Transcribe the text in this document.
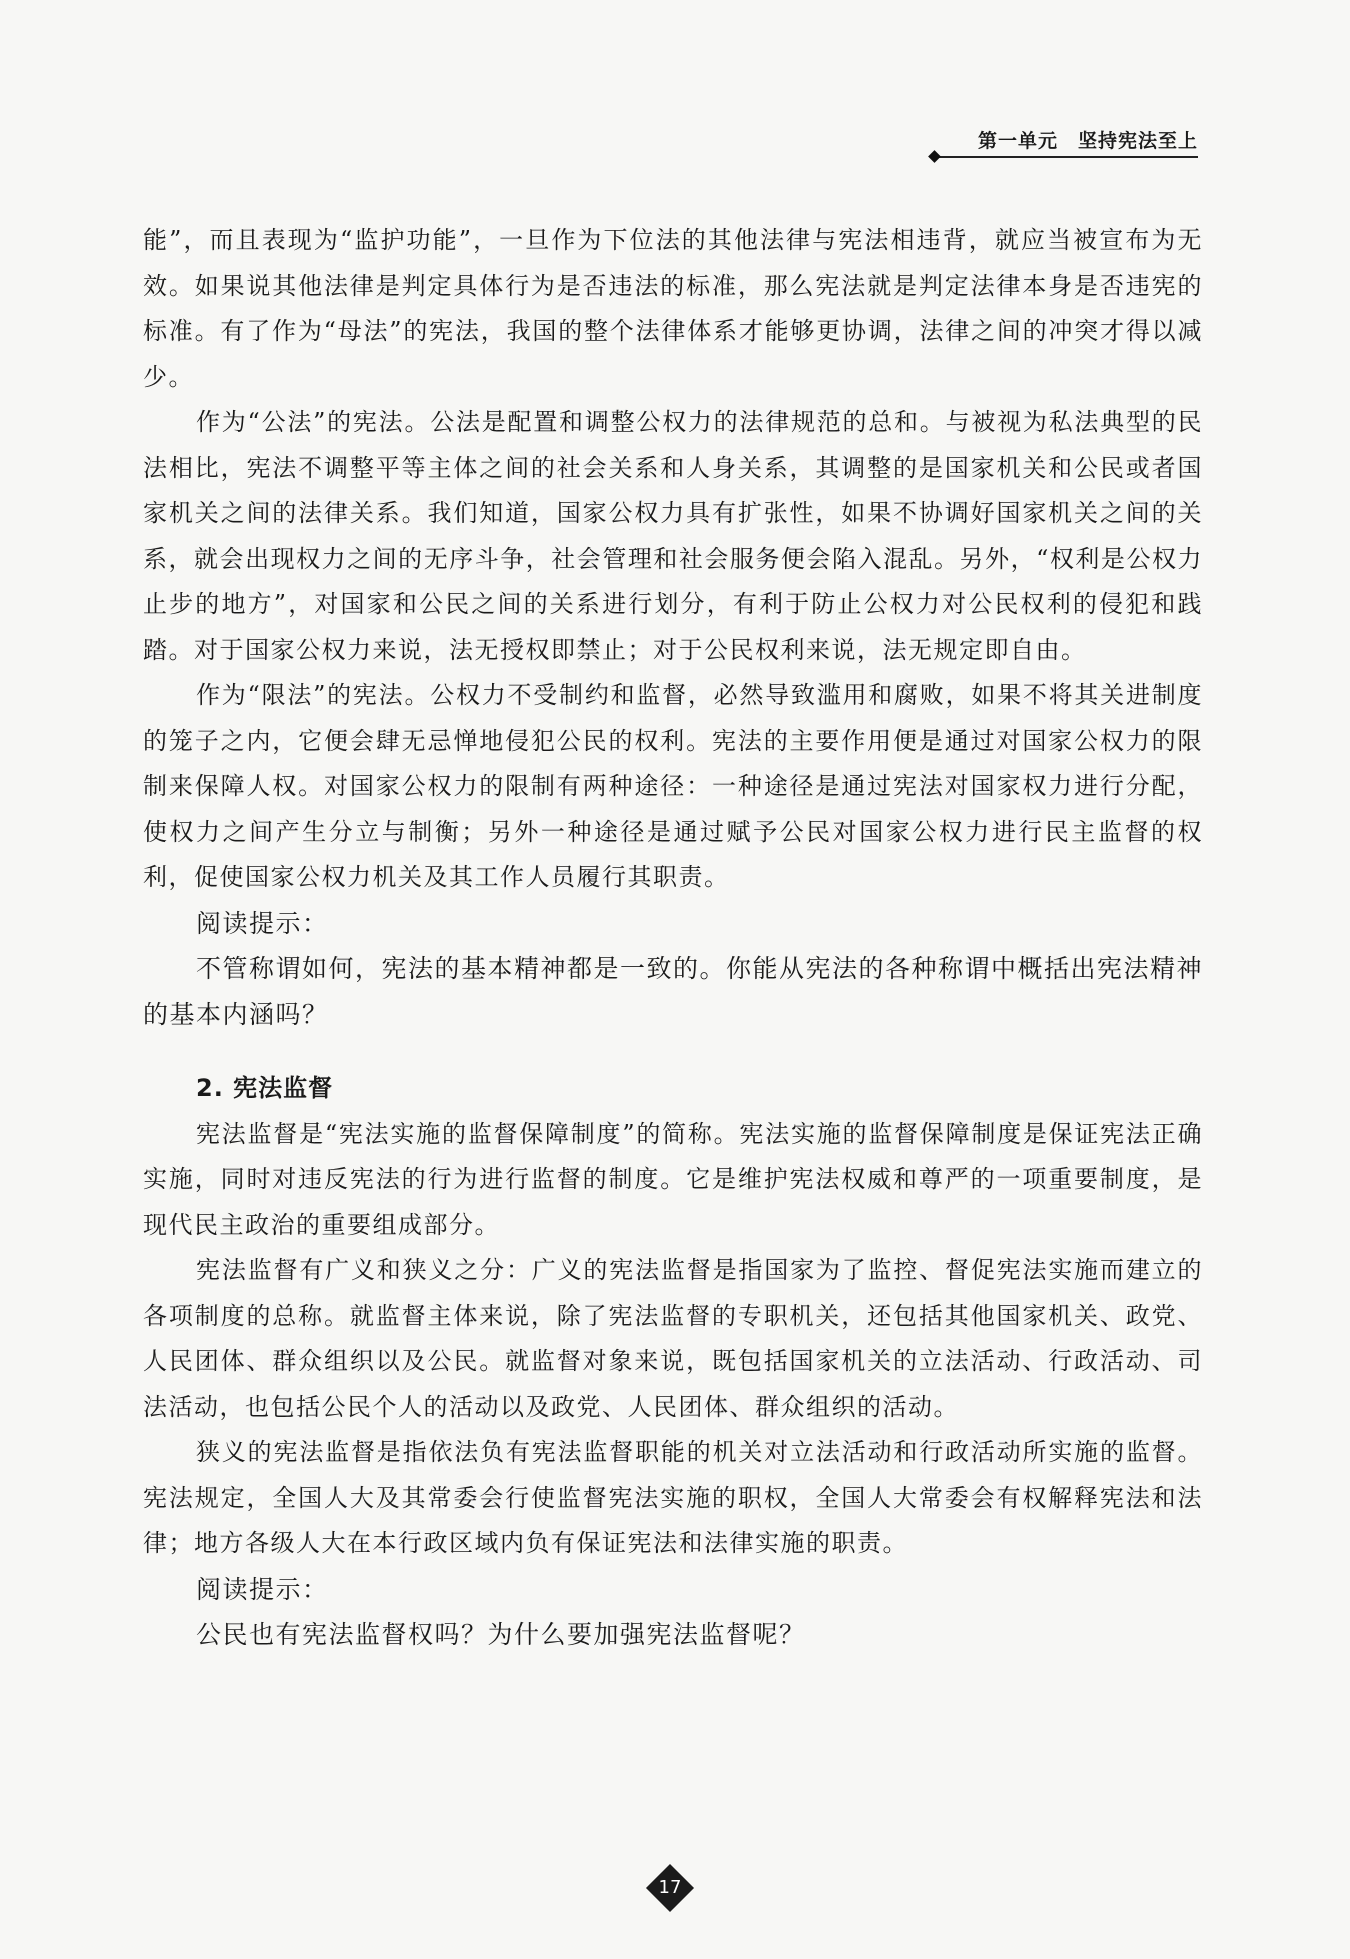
第一单元　坚持宪法至上

能”，而且表现为“监护功能”，一旦作为下位法的其他法律与宪法相违背，就应当被宣布为无效。如果说其他法律是判定具体行为是否违法的标准，那么宪法就是判定法律本身是否违宪的标准。有了作为“母法”的宪法，我国的整个法律体系才能够更协调，法律之间的冲突才得以减少。

作为“公法”的宪法。公法是配置和调整公权力的法律规范的总和。与被视为私法典型的民法相比，宪法不调整平等主体之间的社会关系和人身关系，其调整的是国家机关和公民或者国家机关之间的法律关系。我们知道，国家公权力具有扩张性，如果不协调好国家机关之间的关系，就会出现权力之间的无序斗争，社会管理和社会服务便会陷入混乱。另外，“权利是公权力止步的地方”，对国家和公民之间的关系进行划分，有利于防止公权力对公民权利的侵犯和践踏。对于国家公权力来说，法无授权即禁止；对于公民权利来说，法无规定即自由。

作为“限法”的宪法。公权力不受制约和监督，必然导致滥用和腐败，如果不将其关进制度的笼子之内，它便会肆无忌惮地侵犯公民的权利。宪法的主要作用便是通过对国家公权力的限制来保障人权。对国家公权力的限制有两种途径：一种途径是通过宪法对国家权力进行分配，使权力之间产生分立与制衡；另外一种途径是通过赋予公民对国家公权力进行民主监督的权利，促使国家公权力机关及其工作人员履行其职责。

阅读提示：

不管称谓如何，宪法的基本精神都是一致的。你能从宪法的各种称谓中概括出宪法精神的基本内涵吗？

2. 宪法监督

宪法监督是“宪法实施的监督保障制度”的简称。宪法实施的监督保障制度是保证宪法正确实施，同时对违反宪法的行为进行监督的制度。它是维护宪法权威和尊严的一项重要制度，是现代民主政治的重要组成部分。

宪法监督有广义和狭义之分：广义的宪法监督是指国家为了监控、督促宪法实施而建立的各项制度的总称。就监督主体来说，除了宪法监督的专职机关，还包括其他国家机关、政党、人民团体、群众组织以及公民。就监督对象来说，既包括国家机关的立法活动、行政活动、司法活动，也包括公民个人的活动以及政党、人民团体、群众组织的活动。

狭义的宪法监督是指依法负有宪法监督职能的机关对立法活动和行政活动所实施的监督。宪法规定，全国人大及其常委会行使监督宪法实施的职权，全国人大常委会有权解释宪法和法律；地方各级人大在本行政区域内负有保证宪法和法律实施的职责。

阅读提示：

公民也有宪法监督权吗？为什么要加强宪法监督呢？

17
